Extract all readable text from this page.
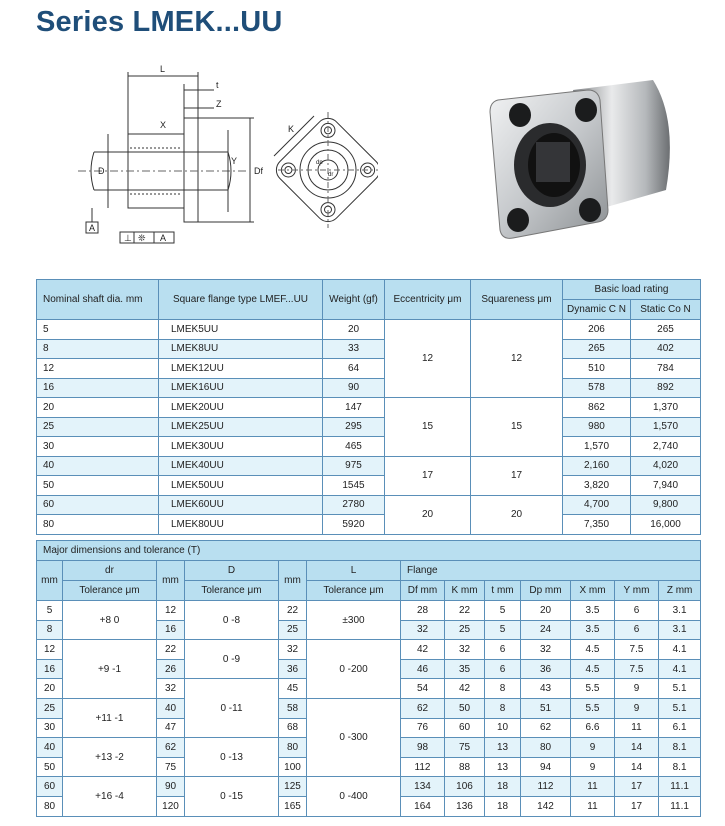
Series LMEK...UU
L
t
Z
X
D
Y
Df
K
A
⊥ ❊ A
dp
dr
Nominal shaft dia. mm	Square flange type LMEF...UU	Weight (gf)	Eccentricity μm	Squareness μm	Basic load rating	
					Dynamic C N	Static Co N
5	LMEK5UU	20	12	12	206	265
8	LMEK8UU	33			265	402
12	LMEK12UU	64			510	784
16	LMEK16UU	90			578	892
20	LMEK20UU	147	15	15	862	1,370
25	LMEK25UU	295			980	1,570
30	LMEK30UU	465			1,570	2,740
40	LMEK40UU	975	17	17	2,160	4,020
50	LMEK50UU	1545			3,820	7,940
60	LMEK60UU	2780	20	20	4,700	9,800
80	LMEK80UU	5920			7,350	16,000
Major dimensions and tolerance (T)												
mm	dr	mm	D	mm	L	Flange						
	Tolerance μm		Tolerance μm		Tolerance μm	Df mm	K mm	t mm	Dp mm	X mm	Y mm	Z mm
5	+8 0	12	0 -8	22	±300	28	22	5	20	3.5	6	3.1
8		16		25		32	25	5	24	3.5	6	3.1
12	+9 -1	22	0 -9	32	0 -200	42	32	6	32	4.5	7.5	4.1
16		26		36		46	35	6	36	4.5	7.5	4.1
20		32	0 -11	45		54	42	8	43	5.5	9	5.1
25	+11 -1	40		58	0 -300	62	50	8	51	5.5	9	5.1
30		47		68		76	60	10	62	6.6	11	6.1
40	+13 -2	62	0 -13	80		98	75	13	80	9	14	8.1
50		75		100		112	88	13	94	9	14	8.1
60	+16 -4	90	0 -15	125	0 -400	134	106	18	112	11	17	11.1
80		120		165		164	136	18	142	11	17	11.1
